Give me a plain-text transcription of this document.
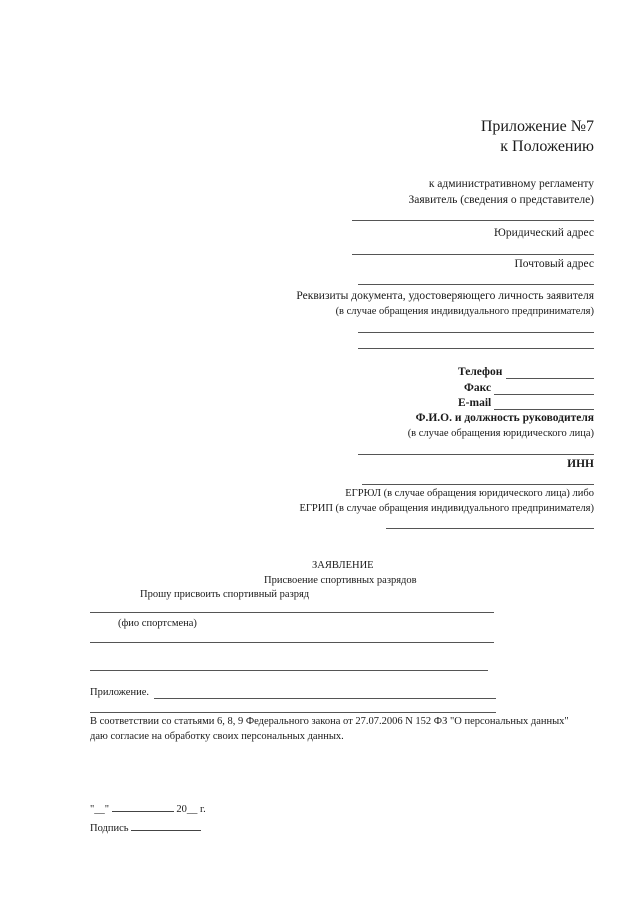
Приложение №7
к Положению
к административному регламенту
Заявитель (сведения о представителе)
Юридический адрес
Почтовый адрес
Реквизиты документа, удостоверяющего личность заявителя
(в случае обращения индивидуального предпринимателя)
Телефон
Факс
E-mail
Ф.И.О. и должность руководителя
(в случае обращения юридического лица)
ИНН
ЕГРЮЛ (в случае обращения юридического лица) либо
ЕГРИП (в случае обращения индивидуального предпринимателя)
ЗАЯВЛЕНИЕ
Присвоение спортивных разрядов
Прошу присвоить спортивный разряд
(фио спортсмена)
Приложение.
В соответствии со статьями 6, 8, 9 Федерального закона от 27.07.2006 N 152 ФЗ "О персональных данных"
даю согласие на обработку своих персональных данных.
"__"	20__ г.
Подпись
